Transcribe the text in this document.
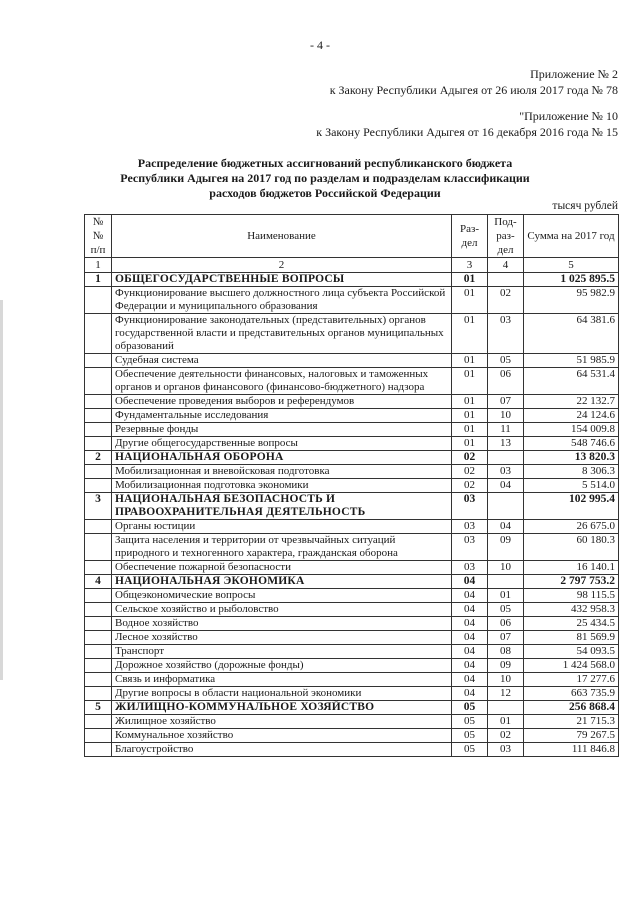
- 4 -
Приложение № 2
к Закону Республики Адыгея от 26 июля 2017 года № 78
"Приложение № 10
к Закону Республики Адыгея от 16 декабря 2016 года № 15
Распределение бюджетных ассигнований республиканского бюджета
Республики Адыгея на 2017 год по разделам и подразделам классификации
расходов бюджетов Российской Федерации
тысяч рублей
№№ п/п	Наименование	Раз- дел	Под- раз- дел	Сумма на 2017 год
1	2	3	4	5
1	ОБЩЕГОСУДАРСТВЕННЫЕ ВОПРОСЫ	01		1 025 895.5
	Функционирование высшего должностного лица субъекта Российской Федерации и муниципального образования	01	02	95 982.9
	Функционирование законодательных (представительных) органов государственной власти и представительных органов муниципальных образований	01	03	64 381.6
	Судебная система	01	05	51 985.9
	Обеспечение деятельности финансовых, налоговых и таможенных органов и органов финансового (финансово-бюджетного) надзора	01	06	64 531.4
	Обеспечение проведения выборов и референдумов	01	07	22 132.7
	Фундаментальные исследования	01	10	24 124.6
	Резервные фонды	01	11	154 009.8
	Другие общегосударственные вопросы	01	13	548 746.6
2	НАЦИОНАЛЬНАЯ ОБОРОНА	02		13 820.3
	Мобилизационная и вневойсковая подготовка	02	03	8 306.3
	Мобилизационная подготовка экономики	02	04	5 514.0
3	НАЦИОНАЛЬНАЯ БЕЗОПАСНОСТЬ И ПРАВООХРАНИТЕЛЬНАЯ ДЕЯТЕЛЬНОСТЬ	03		102 995.4
	Органы юстиции	03	04	26 675.0
	Защита населения и территории от чрезвычайных ситуаций природного и техногенного характера, гражданская оборона	03	09	60 180.3
	Обеспечение пожарной безопасности	03	10	16 140.1
4	НАЦИОНАЛЬНАЯ ЭКОНОМИКА	04		2 797 753.2
	Общеэкономические вопросы	04	01	98 115.5
	Сельское хозяйство и рыболовство	04	05	432 958.3
	Водное хозяйство	04	06	25 434.5
	Лесное хозяйство	04	07	81 569.9
	Транспорт	04	08	54 093.5
	Дорожное хозяйство (дорожные фонды)	04	09	1 424 568.0
	Связь и информатика	04	10	17 277.6
	Другие вопросы в области национальной экономики	04	12	663 735.9
5	ЖИЛИЩНО-КОММУНАЛЬНОЕ ХОЗЯЙСТВО	05		256 868.4
	Жилищное хозяйство	05	01	21 715.3
	Коммунальное хозяйство	05	02	79 267.5
	Благоустройство	05	03	111 846.8
